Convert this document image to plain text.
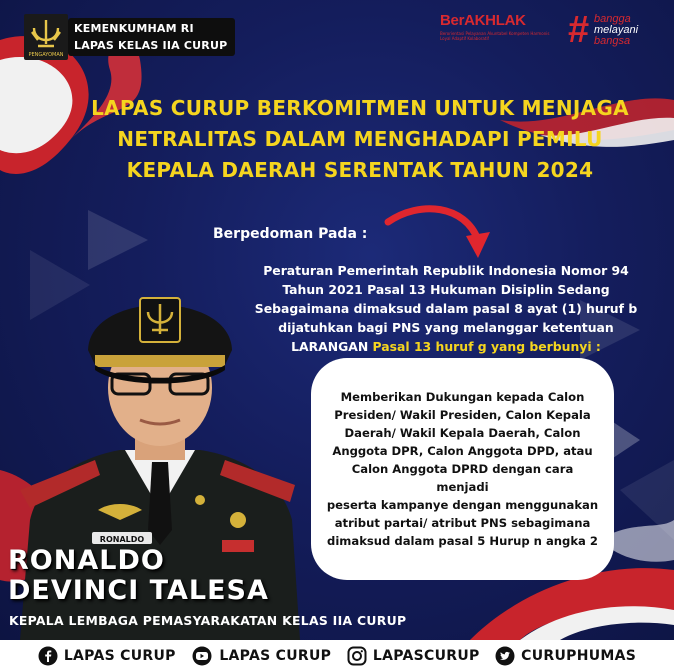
RONALDO
PENGAYOMAN
KEMENKUMHAM RI
LAPAS KELAS IIA CURUP
BerAKHLAK
Berorientasi Pelayanan Akuntabel Kompeten Harmonis Loyal Adaptif Kolaboratif	# bangga
melayani
bangsa
LAPAS CURUP BERKOMITMEN UNTUK MENJAGA
NETRALITAS DALAM MENGHADAPI PEMILU
KEPALA DAERAH SERENTAK TAHUN 2024
Berpedoman Pada :
Peraturan Pemerintah Republik Indonesia Nomor 94
Tahun 2021 Pasal 13 Hukuman Disiplin Sedang
Sebagaimana dimaksud dalam pasal 8 ayat (1) huruf b
dijatuhkan bagi PNS yang melanggar ketentuan
LARANGAN Pasal 13 huruf g yang berbunyi :
Memberikan Dukungan kepada Calon
Presiden/ Wakil Presiden, Calon Kepala
Daerah/ Wakil Kepala Daerah, Calon
Anggota DPR, Calon Anggota DPD, atau
Calon Anggota DPRD dengan cara menjadi
peserta kampanye dengan menggunakan
atribut partai/ atribut PNS sebagimana
dimaksud dalam pasal 5 Hurup n angka 2
RONALDO
DEVINCI TALESA
KEPALA LEMBAGA PEMASYARAKATAN KELAS IIA CURUP
LAPAS CURUP	LAPAS CURUP	LAPASCURUP	CURUPHUMAS
